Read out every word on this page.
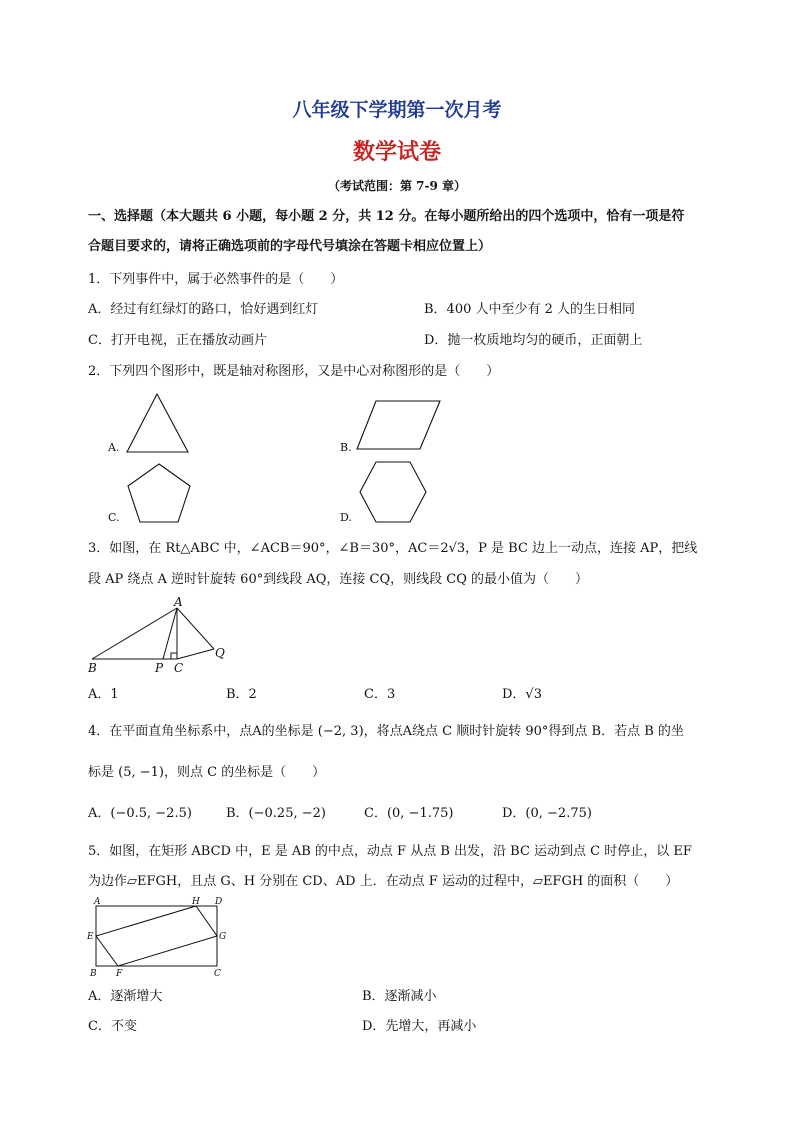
八年级下学期第一次月考
数学试卷
（考试范围：第 7-9 章）
一、选择题（本大题共 6 小题，每小题 2 分，共 12 分。在每小题所给出的四个选项中，恰有一项是符
合题目要求的，请将正确选项前的字母代号填涂在答题卡相应位置上）
1．下列事件中，属于必然事件的是（　　）
A．经过有红绿灯的路口，恰好遇到红灯	B．400 人中至少有 2 人的生日相同
C．打开电视，正在播放动画片	D．抛一枚质地均匀的硬币，正面朝上
2．下列四个图形中，既是轴对称图形，又是中心对称图形的是（　　）
A.	B.
C.	D.
3．如图，在 Rt△ABC 中，∠ACB＝90°，∠B＝30°，AC＝2√3，P 是 BC 边上一动点，连接 AP，把线
段 AP 绕点 A 逆时针旋转 60°到线段 AQ，连接 CQ，则线段 CQ 的最小值为（　　）
A
B	P C
Q
A．1	B．2	C．3	D．√3
4．在平面直角坐标系中，点A的坐标是 (−2, 3)，将点A绕点 C 顺时针旋转 90°得到点 B．若点 B 的坐
标是 (5, −1)，则点 C 的坐标是（　　）
A．(−0.5, −2.5)	B．(−0.25, −2)	C．(0, −1.75)	D．(0, −2.75)
5．如图，在矩形 ABCD 中，E 是 AB 的中点，动点 F 从点 B 出发，沿 BC 运动到点 C 时停止，以 EF
为边作▱EFGH，且点 G、H 分别在 CD、AD 上．在动点 F 运动的过程中，▱EFGH 的面积（　　）
A	H D
E	G
B F	C
A．逐渐增大	B．逐渐减小
C．不变	D．先增大，再减小
